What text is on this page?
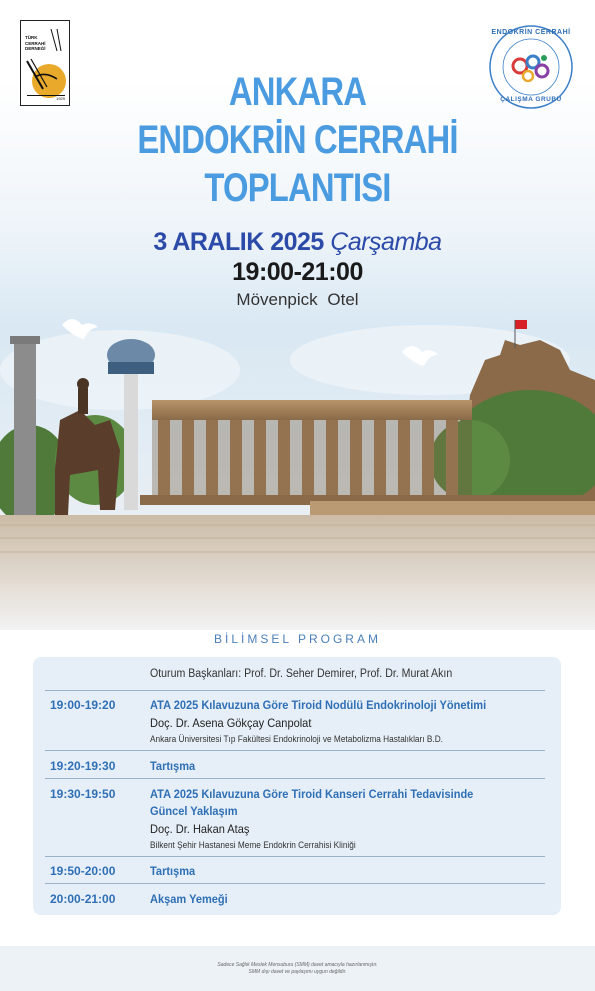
TÜRK
CERRAHİ
DERNEĞİ
1929
ENDOKRİN CERRAHİ
ÇALIŞMA GRUBU
ANKARA
ENDOKRİN CERRAHİ
TOPLANTISI
3 ARALIK 2025 Çarşamba
19:00-21:00
Mövenpick Otel
BİLİMSEL PROGRAM
Oturum Başkanları: Prof. Dr. Seher Demirer, Prof. Dr. Murat Akın
19:00-19:20	ATA 2025 Kılavuzuna Göre Tiroid Nodülü Endokrinoloji Yönetimi
Doç. Dr. Asena Gökçay Canpolat
Ankara Üniversitesi Tıp Fakültesi Endokrinoloji ve Metabolizma Hastalıkları B.D.
19:20-19:30	Tartışma
19:30-19:50	ATA 2025 Kılavuzuna Göre Tiroid Kanseri Cerrahi Tedavisinde
Güncel Yaklaşım
Doç. Dr. Hakan Ataş
Bilkent Şehir Hastanesi Meme Endokrin Cerrahisi Kliniği
19:50-20:00	Tartışma
20:00-21:00	Akşam Yemeği
Sadece Sağlık Meslek Mensuburu (SMM) davet amacıyla hazırlanmıştır.
SMM dışı davet ve paylaşımı uygun değildir.
